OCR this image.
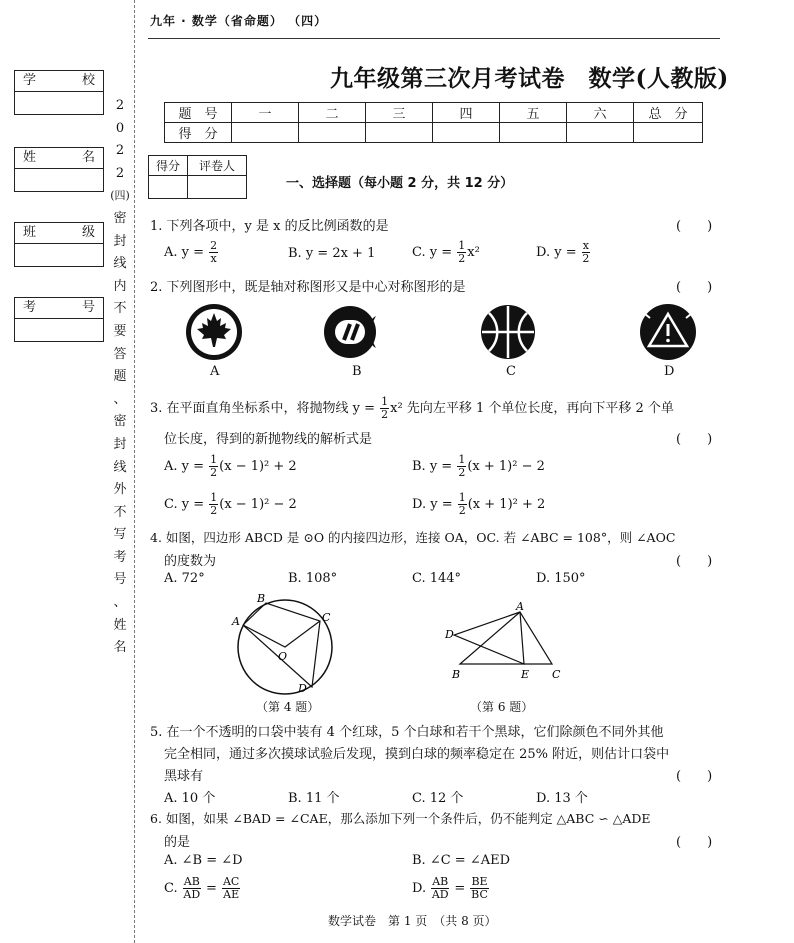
九年 · 数学（省命题） （四）
学	校
姓	名
班	级
考	号
2
0
2
2
(四)
密
封
线
内
不
要
答
题
、
密
封
线
外
不
写
考
号
、
姓
名
九年级第三次月考试卷　数学(人教版)
题　号	一	二	三	四	五	六	总　分
得　分							
得分	评卷人

一、选择题（每小题 2 分，共 12 分）
1. 下列各项中，y 是 x 的反比例函数的是	(　　)
A. $y = \frac{2}{x}$	B. y = 2x + 1	C. $y = \frac{1}{2} x^2$	D. $y = \frac{x}{2}$
2. 下列图形中，既是轴对称图形又是中心对称图形的是	(　　)
A	B	C	D
3. 在平面直角坐标系中，将抛物线 $y = \frac{1}{2} x^2$ 先向左平移 1 个单位长度，再向下平移 2 个单
位长度，得到的新抛物线的解析式是	(　　)
A. $y = \frac{1}{2} (x - 1)^2 + 2$	B. $y = \frac{1}{2} (x + 1)^2 - 2$
C. $y = \frac{1}{2} (x - 1)^2 - 2$	D. $y = \frac{1}{2} (x + 1)^2 + 2$
4. 如图，四边形 ABCD 是 ⊙O 的内接四边形，连接 OA，OC. 若 ∠ABC = 108°，则 ∠AOC
的度数为	(　　)
A. 72°	B. 108°	C. 144°	D. 150°
A
B
C
D
O
（第 4 题）
A
B	C
D
E
（第 6 题）
5. 在一个不透明的口袋中装有 4 个红球，5 个白球和若干个黑球，它们除颜色不同外其他
完全相同，通过多次摸球试验后发现，摸到白球的频率稳定在 25% 附近，则估计口袋中
黑球有	(　　)
A. 10 个	B. 11 个	C. 12 个	D. 13 个
6. 如图，如果 ∠BAD = ∠CAE，那么添加下列一个条件后，仍不能判定 △ABC ∽ △ADE
的是	(　　)
A. ∠B = ∠D	B. ∠C = ∠AED
C. $\frac{AB}{AD} = \frac{AC}{AE}$	D. $\frac{AB}{AD} = \frac{BE}{BC}$
数学试卷　第 1 页　（共 8 页）
